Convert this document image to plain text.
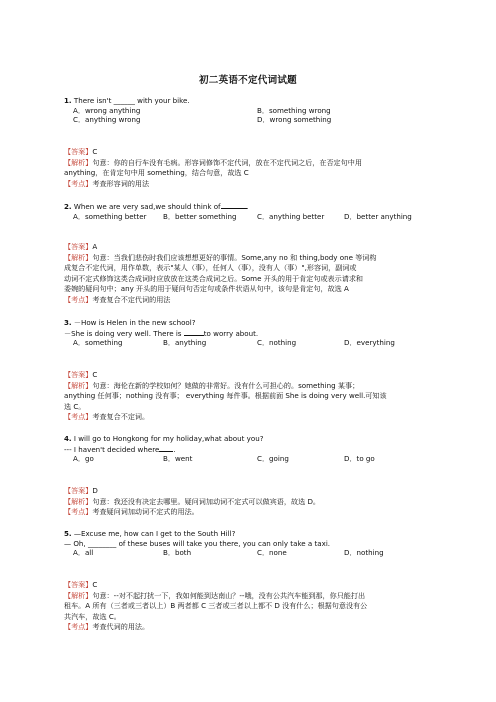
初二英语不定代词试题
1. There isn't ______ with your bike.
A．wrong anything	B．something wrong
C．anything wrong	D．wrong something

【答案】C

【解析】句意：你的自行车没有毛病。形容词修饰不定代词，放在不定代词之后，在否定句中用

anything，在肯定句中用 something，结合句意，故选 C

【考点】考查形容词的用法

2. When we are very sad,we should think of	.
A．something better B．better something	C．anything better	D．better anything

【答案】A

【解析】句意：当我们悲伤时我们应该想想更好的事情。Some,any no 和 thing,body one 等词构

成复合不定代词，用作单数，表示"某人（事），任何人（事），没有人（事）",形容词，副词或

动词不定式修饰这类合成词时应放放在这类合成词之后。Some 开头的用于肯定句或表示请求和

委婉的疑问句中；any 开头的用于疑问句否定句或条件状语从句中，该句是肯定句，故选 A

【考点】考查复合不定代词的用法

3. －How is Helen in the new school?
－She is doing very well. There is	to worry about.
A．something	B．anything	C．nothing	D．everything

【答案】C

【解析】句意：海伦在新的学校如何？她做的非常好。没有什么可担心的。something 某事；

anything 任何事；nothing 没有事； everything 每件事。根据前面 She is doing very well.可知该

选 C。

【考点】考查复合不定词。

4. I will go to Hongkong for my holiday,what about you?
--- I haven't decided where .
A．go	B．went	C．going	D．to go

【答案】D

【解析】句意：我还没有决定去哪里。疑问词加动词不定式可以做宾语，故选 D。

【考点】考查疑问词加动词不定式的用法。

5. —Excuse me, how can I get to the South Hill?
— Oh, ________ of these buses will take you there, you can only take a taxi.
A．all	B．both	C．none	D．nothing

【答案】C

【解析】句意：--对不起打扰一下，我如何能到达南山？--哦，没有公共汽车能到那，你只能打出

租车。A 所有（三者或三者以上）B 两者都 C 三者或三者以上都不 D 没有什么；根据句意没有公

共汽车，故选 C。

【考点】考查代词的用法。
